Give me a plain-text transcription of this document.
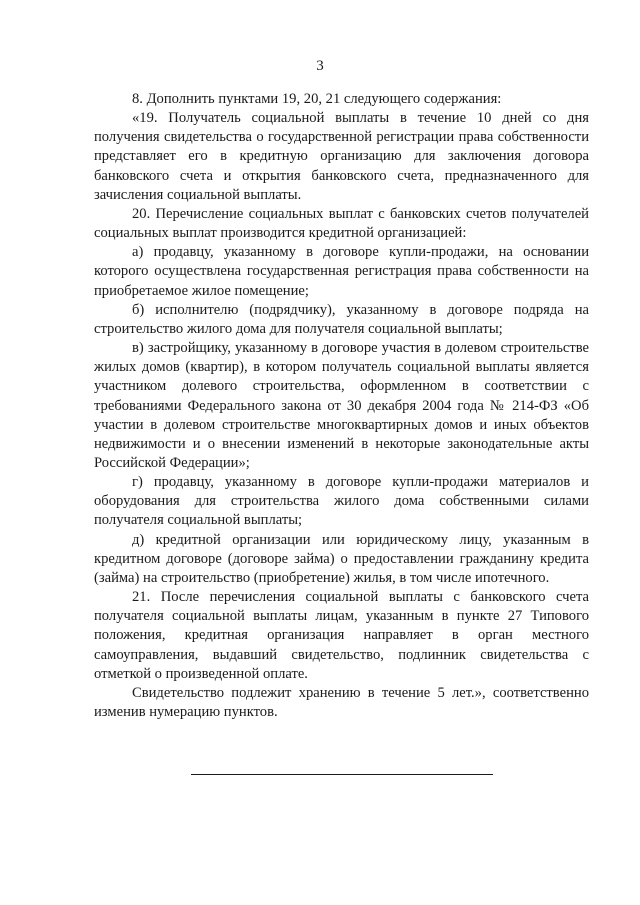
3

8. Дополнить пунктами 19, 20, 21 следующего содержания:

«19. Получатель социальной выплаты в течение 10 дней со дня получения свидетельства о государственной регистрации права собственности представляет его в кредитную организацию для заключения договора банковского счета и открытия банковского счета, предназначенного для зачисления социальной выплаты.

20. Перечисление социальных выплат с банковских счетов получателей социальных выплат производится кредитной организацией:

а) продавцу, указанному в договоре купли-продажи, на основании которого осуществлена государственная регистрация права собственности на приобретаемое жилое помещение;

б) исполнителю (подрядчику), указанному в договоре подряда на строительство жилого дома для получателя социальной выплаты;

в) застройщику, указанному в договоре участия в долевом строительстве жилых домов (квартир), в котором получатель социальной выплаты является участником долевого строительства, оформленном в соответствии с требованиями Федерального закона от 30 декабря 2004 года № 214-ФЗ «Об участии в долевом строительстве многоквартирных домов и иных объектов недвижимости и о внесении изменений в некоторые законодательные акты Российской Федерации»;

г) продавцу, указанному в договоре купли-продажи материалов и оборудования для строительства жилого дома собственными силами получателя социальной выплаты;

д) кредитной организации или юридическому лицу, указанным в кредитном договоре (договоре займа) о предоставлении гражданину кредита (займа) на строительство (приобретение) жилья, в том числе ипотечного.

21. После перечисления социальной выплаты с банковского счета получателя социальной выплаты лицам, указанным в пункте 27 Типового положения, кредитная организация направляет в орган местного самоуправления, выдавший свидетельство, подлинник свидетельства с отметкой о произведенной оплате.

Свидетельство подлежит хранению в течение 5 лет.», соответственно изменив нумерацию пунктов.
